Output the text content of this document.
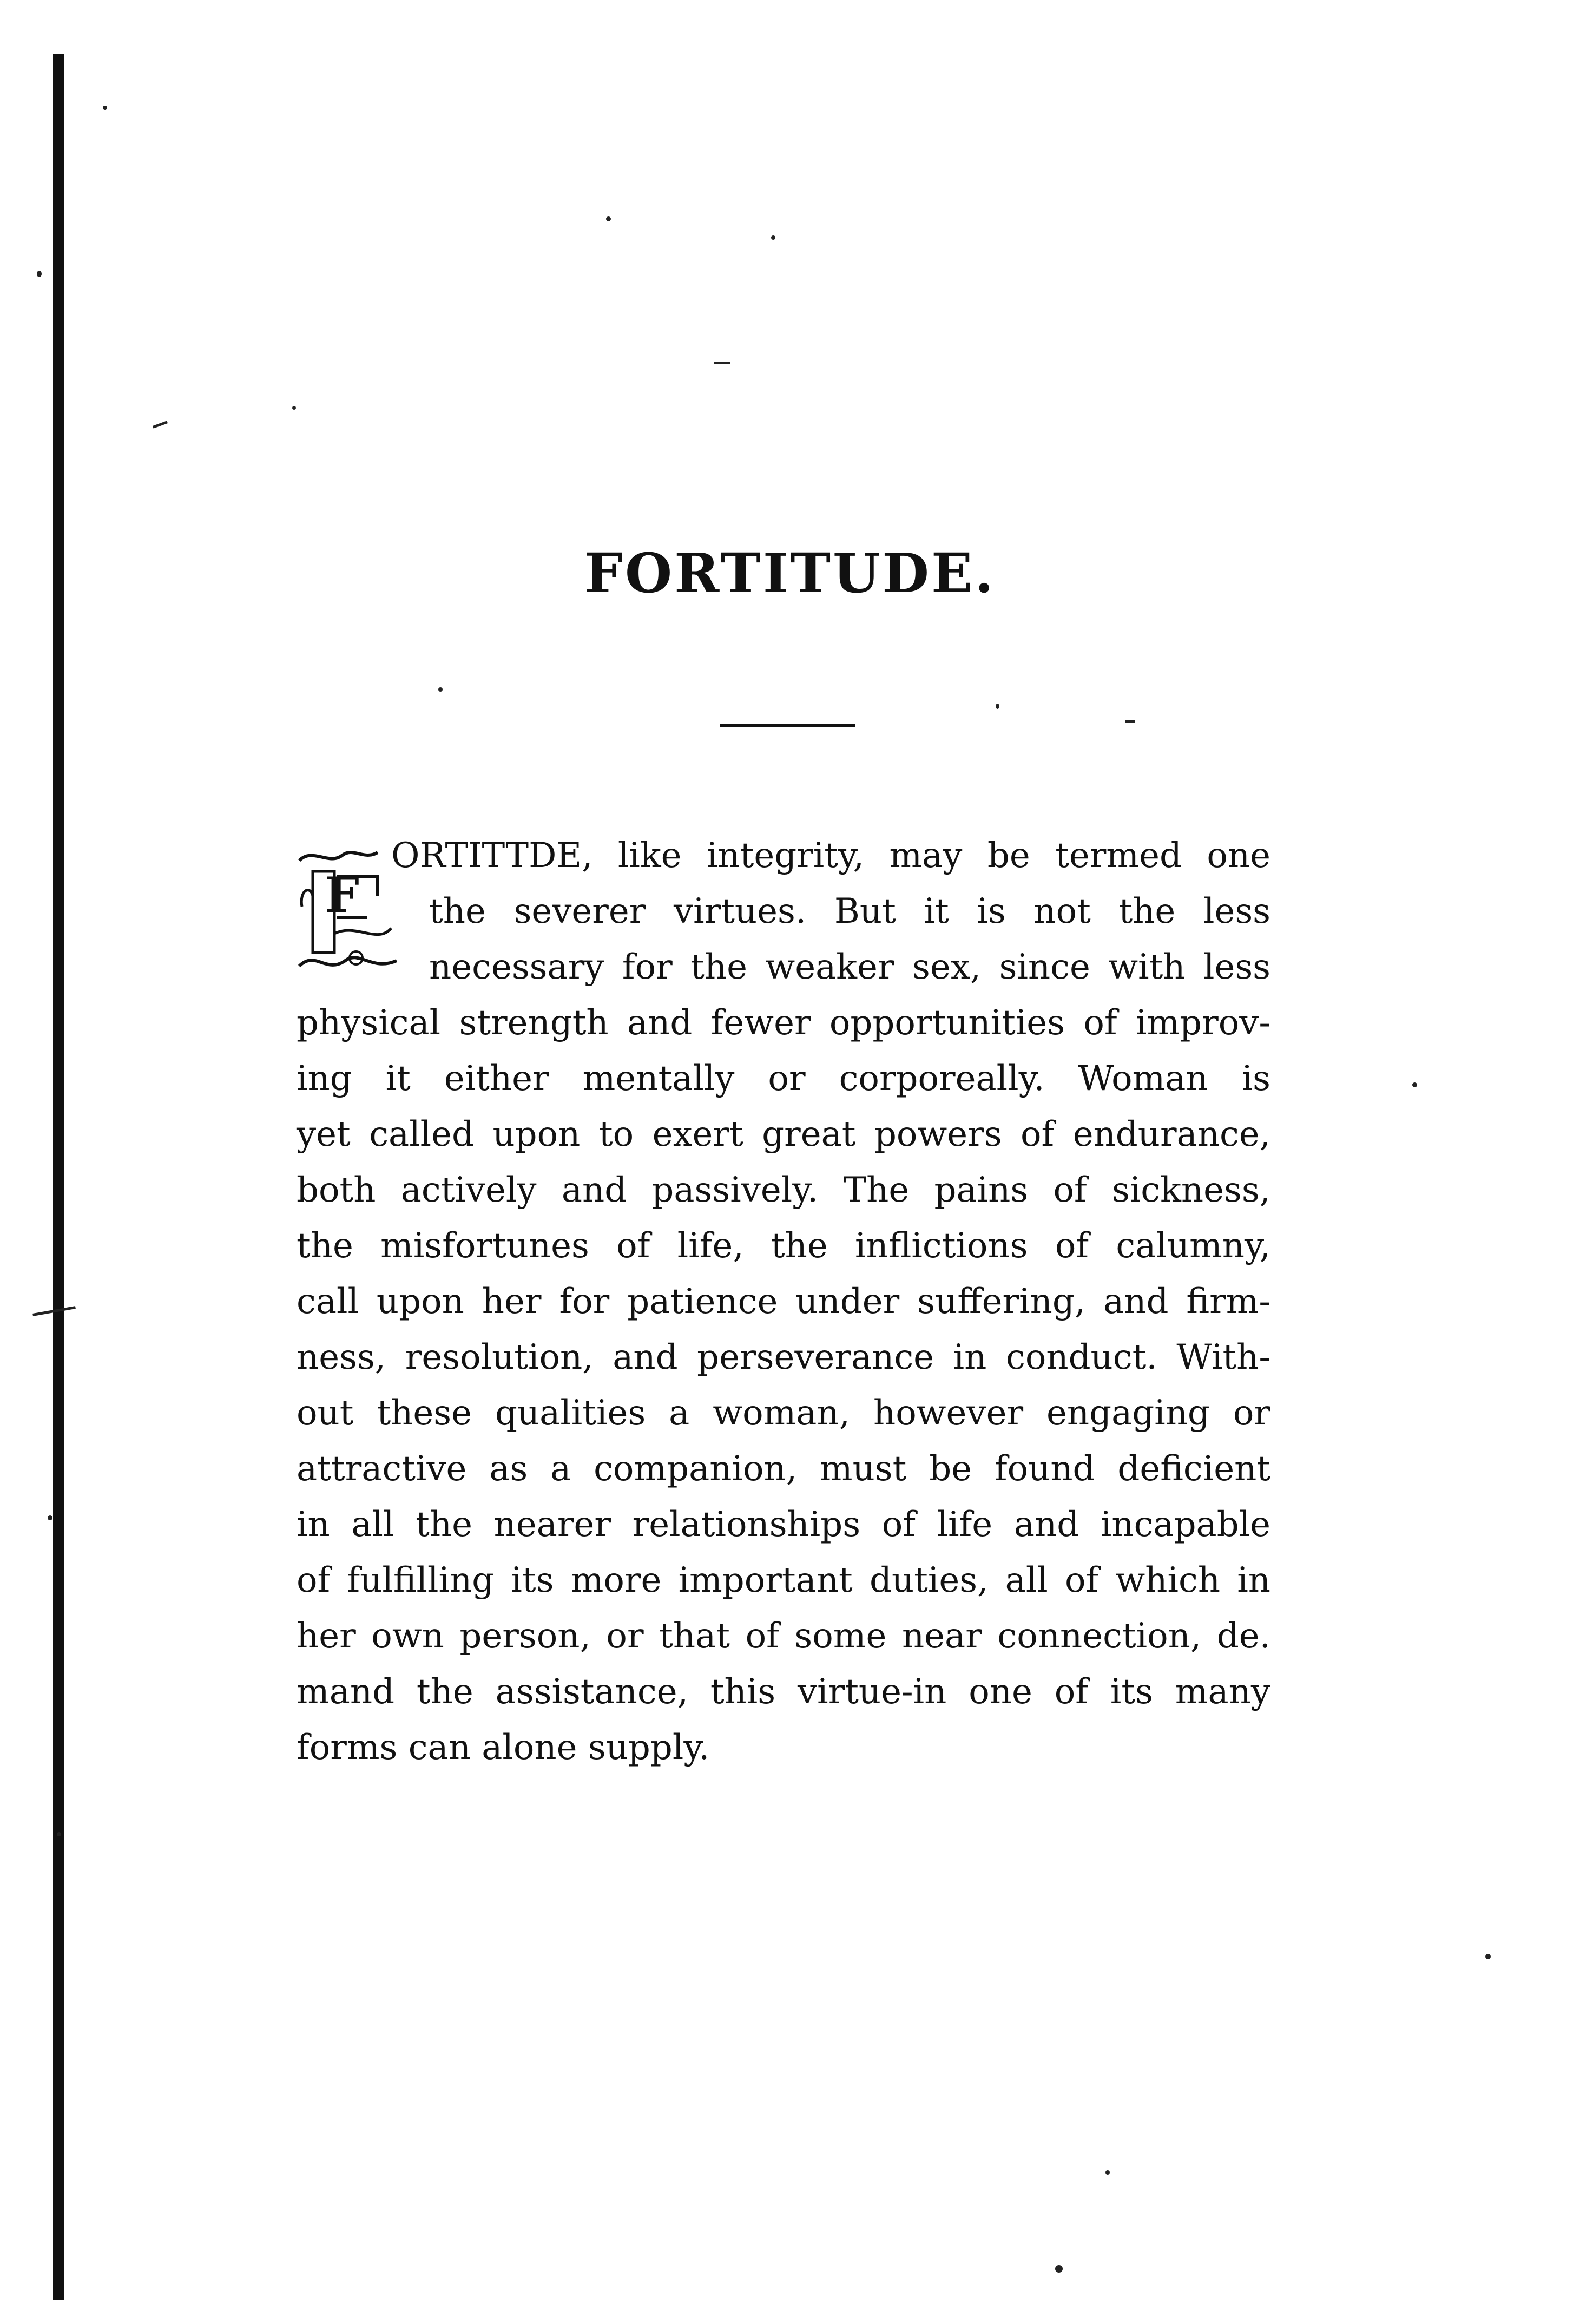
FORTITUDE.
F
ORTITTDE, like integrity, may be termed one
the severer virtues. But it is not the less
necessary for the weaker sex, since with less
physical strength and fewer opportunities of improv-
ing it either mentally or corporeally. Woman is
yet called upon to exert great powers of endurance,
both actively and passively. The pains of sickness,
the misfortunes of life, the inflictions of calumny,
call upon her for patience under suffering, and firm-
ness, resolution, and perseverance in conduct. With-
out these qualities a woman, however engaging or
attractive as a companion, must be found deficient
in all the nearer relationships of life and incapable
of fulfilling its more important duties, all of which in
her own person, or that of some near connection, de.
mand the assistance, this virtue-in one of its many
forms can alone supply.
